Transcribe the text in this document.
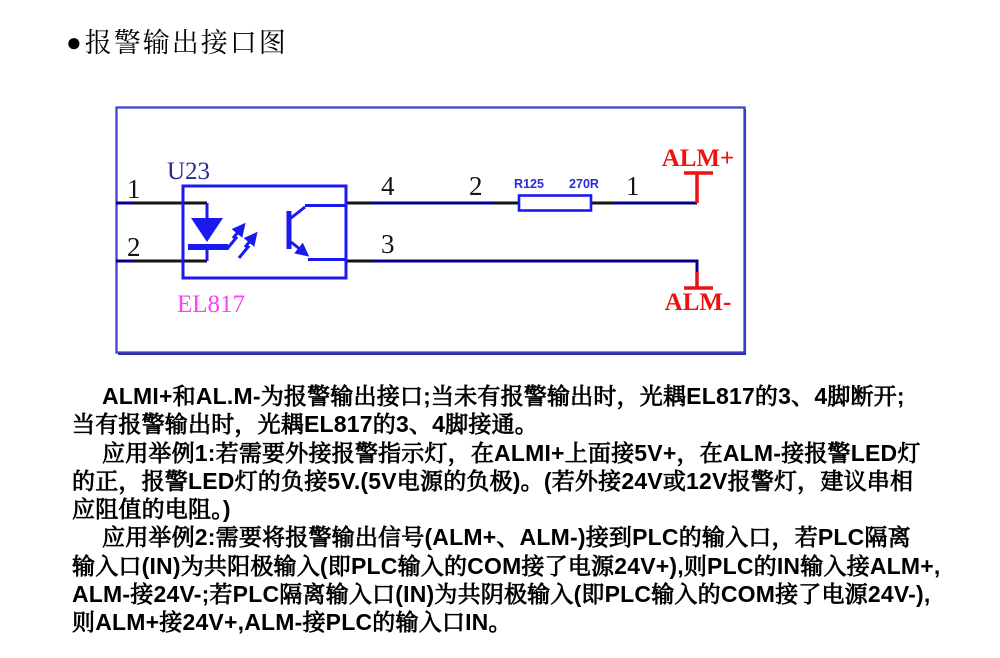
● 报警输出接口图
U23
EL817
1
2
4
3
2	1
R125 270R
ALM+
ALM-
ALMI+和AL.M-为报警输出接口;当未有报警输出时，光耦EL817的3、4脚断开;
当有报警输出时，光耦EL817的3、4脚接通。
应用举例1:若需要外接报警指示灯，在ALMI+上面接5V+，在ALM-接报警LED灯
的正，报警LED灯的负接5V.(5V电源的负极)。(若外接24V或12V报警灯，建议串相
应阻值的电阻。)
应用举例2:需要将报警输出信号(ALM+、ALM-)接到PLC的输入口，若PLC隔离
输入口(IN)为共阳极输入(即PLC输入的COM接了电源24V+),则PLC的IN输入接ALM+,
ALM-接24V-;若PLC隔离输入口(IN)为共阴极输入(即PLC输入的COM接了电源24V-),
则ALM+接24V+,ALM-接PLC的输入口IN。
